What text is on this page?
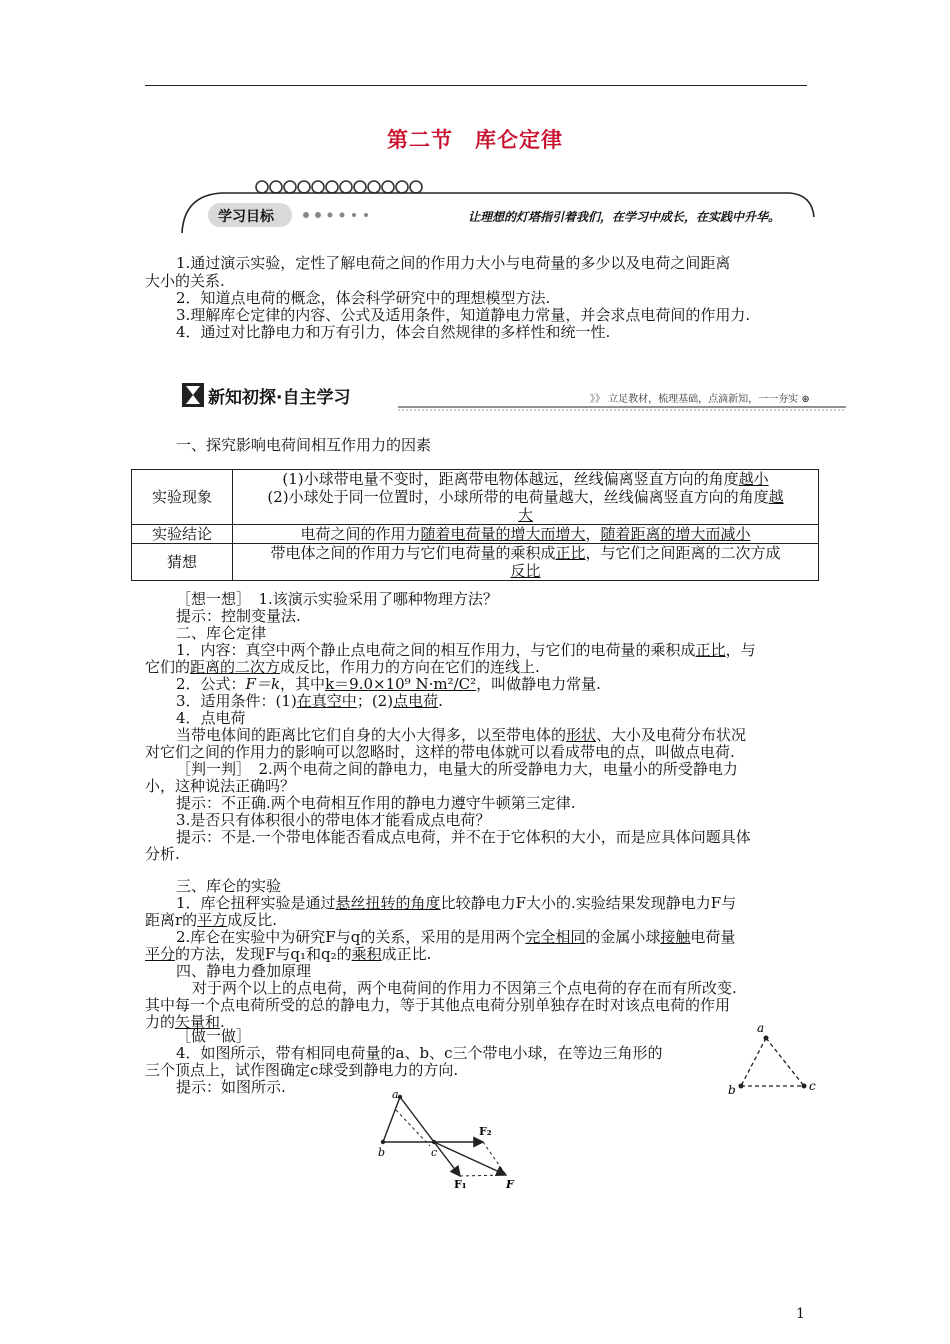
第二节　库仑定律
学习目标	让理想的灯塔指引着我们，在学习中成长，在实践中升华。
1.通过演示实验，定性了解电荷之间的作用力大小与电荷量的多少以及电荷之间距离
大小的关系.
2．知道点电荷的概念，体会科学研究中的理想模型方法.
3.理解库仑定律的内容、公式及适用条件，知道静电力常量，并会求点电荷间的作用力.
4．通过对比静电力和万有引力，体会自然规律的多样性和统一性.
新知初探·自主学习	》》 立足教材，梳理基础，点滴新知，一一夯实 ⊛
一、探究影响电荷间相互作用力的因素
实验现象	(1)小球带电量不变时，距离带电物体越远，丝线偏离竖直方向的角度越小
(2)小球处于同一位置时，小球所带的电荷量越大，丝线偏离竖直方向的角度越
大

实验结论	电荷之间的作用力随着电荷量的增大而增大，随着距离的增大而减小
猜想	带电体之间的作用力与它们电荷量的乘积成正比，与它们之间距离的二次方成
反比
［想一想］　1.该演示实验采用了哪种物理方法？
提示：控制变量法.
二、库仑定律
1．内容：真空中两个静止点电荷之间的相互作用力，与它们的电荷量的乘积成正比，与
它们的距离的二次方成反比，作用力的方向在它们的连线上.
2．公式：F＝k，其中k＝9.0×10⁹ N·m²/C²，叫做静电力常量.
3．适用条件：(1)在真空中；(2)点电荷.
4．点电荷
当带电体间的距离比它们自身的大小大得多，以至带电体的形状、大小及电荷分布状况
对它们之间的作用力的影响可以忽略时，这样的带电体就可以看成带电的点，叫做点电荷.
［判一判］　2.两个电荷之间的静电力，电量大的所受静电力大，电量小的所受静电力
小，这种说法正确吗？
提示：不正确.两个电荷相互作用的静电力遵守牛顿第三定律.
3.是否只有体积很小的带电体才能看成点电荷？
提示：不是.一个带电体能否看成点电荷，并不在于它体积的大小，而是应具体问题具体
分析.
三、库仑的实验
1．库仑扭秤实验是通过悬丝扭转的角度比较静电力F大小的.实验结果发现静电力F与
距离r的平方成反比.
2.库仑在实验中为研究F与q的关系，采用的是用两个完全相同的金属小球接触电荷量
平分的方法，发现F与q₁和q₂的乘积成正比.
四、静电力叠加原理
对于两个以上的点电荷，两个电荷间的作用力不因第三个点电荷的存在而有所改变.
其中每一个点电荷所受的总的静电力，等于其他点电荷分别单独存在时对该点电荷的作用
力的矢量和.
［做一做］
4．如图所示，带有相同电荷量的a、b、c三个带电小球，在等边三角形的
三个顶点上，试作图确定c球受到静电力的方向.
提示：如图所示.
a
b	c
a
b	c
F₁
F₂
F
1
